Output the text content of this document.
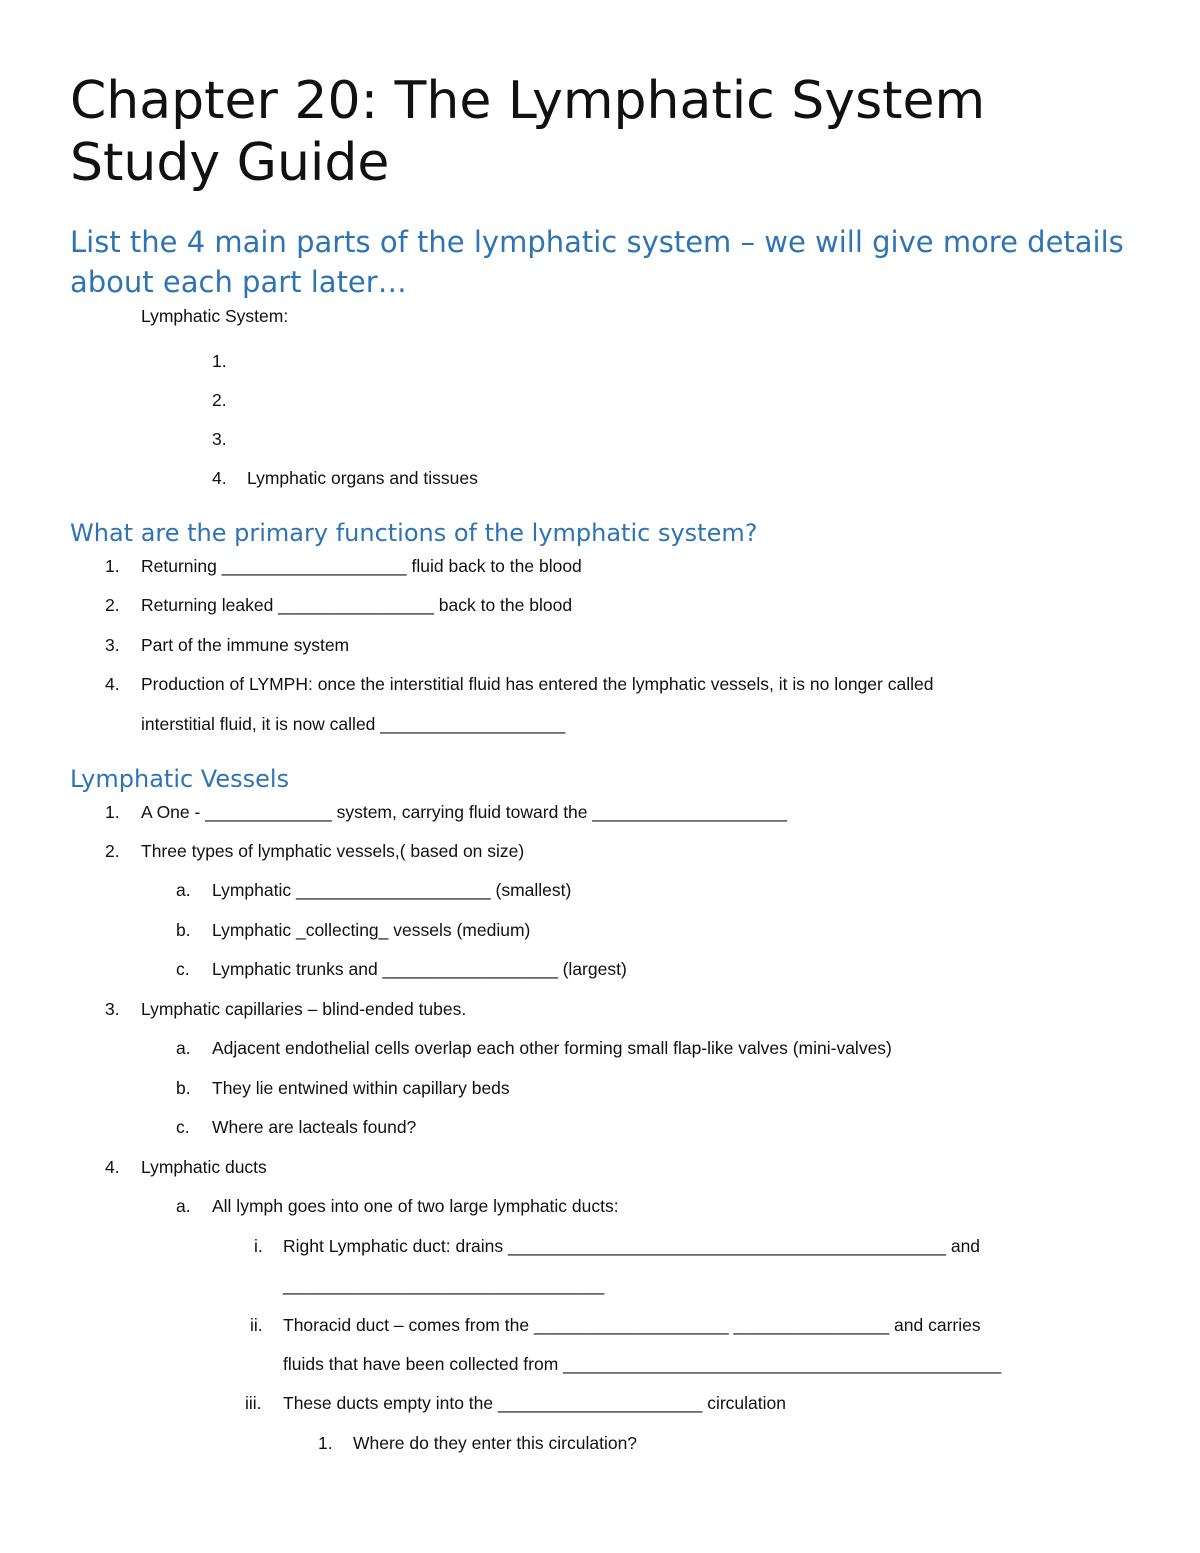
Chapter 20: The Lymphatic System Study Guide
List the 4 main parts of the lymphatic system – we will give more details about each part later…
Lymphatic System:
1.
2.
3.
4. Lymphatic organs and tissues
What are the primary functions of the lymphatic system?
1. Returning ___________________ fluid back to the blood
2. Returning leaked ________________ back to the blood
3. Part of the immune system
4. Production of LYMPH: once the interstitial fluid has entered the lymphatic vessels, it is no longer called
interstitial fluid, it is now called ___________________
Lymphatic Vessels
1. A One - _____________ system, carrying fluid toward the ____________________
2. Three types of lymphatic vessels,( based on size)
a. Lymphatic ____________________ (smallest)
b. Lymphatic _collecting_ vessels (medium)
c. Lymphatic trunks and __________________ (largest)
3. Lymphatic capillaries – blind-ended tubes.
a. Adjacent endothelial cells overlap each other forming small flap-like valves (mini-valves)
b. They lie entwined within capillary beds
c. Where are lacteals found?
4. Lymphatic ducts
a. All lymph goes into one of two large lymphatic ducts:
i. Right Lymphatic duct: drains _____________________________________________ and
_________________________________
ii. Thoracid duct – comes from the ____________________ ________________ and carries
fluids that have been collected from _____________________________________________
iii. These ducts empty into the _____________________ circulation
1. Where do they enter this circulation?
